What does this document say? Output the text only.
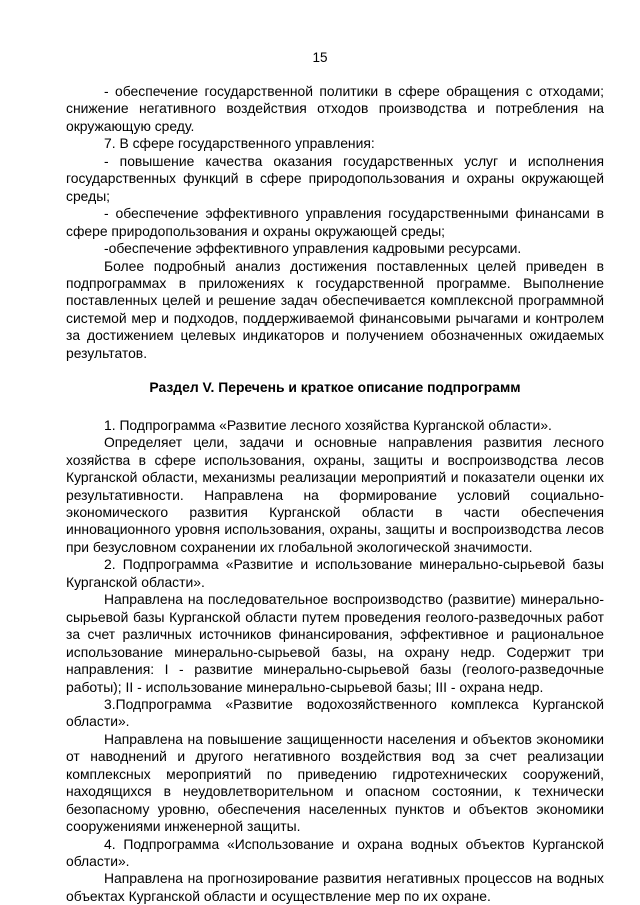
15

- обеспечение государственной политики в сфере обращения с отходами; снижение негативного воздействия отходов производства и потребления на окружающую среду.

7. В сфере государственного управления:

- повышение качества оказания государственных услуг и исполнения государственных функций в сфере природопользования и охраны окружающей среды;

- обеспечение эффективного управления государственными финансами в сфере природопользования и охраны окружающей среды;

-обеспечение эффективного управления кадровыми ресурсами.

Более подробный анализ достижения поставленных целей приведен в подпрограммах в приложениях к государственной программе. Выполнение поставленных целей и решение задач обеспечивается комплексной программной системой мер и подходов, поддерживаемой финансовыми рычагами и контролем за достижением целевых индикаторов и получением обозначенных ожидаемых результатов.

Раздел V. Перечень и краткое описание подпрограмм

1. Подпрограмма «Развитие лесного хозяйства Курганской области».

Определяет цели, задачи и основные направления развития лесного хозяйства в сфере использования, охраны, защиты и воспроизводства лесов Курганской области, механизмы реализации мероприятий и показатели оценки их результативности. Направлена на формирование условий социально-экономического развития Курганской области в части обеспечения инновационного уровня использования, охраны, защиты и воспроизводства лесов при безусловном сохранении их глобальной экологической значимости.

2. Подпрограмма «Развитие и использование минерально-сырьевой базы Курганской области».

Направлена на последовательное воспроизводство (развитие) минерально-сырьевой базы Курганской области путем проведения геолого-разведочных работ за счет различных источников финансирования, эффективное и рациональное использование минерально-сырьевой базы, на охрану недр. Содержит три направления: I - развитие минерально-сырьевой базы (геолого-разведочные работы); II - использование минерально-сырьевой базы; III - охрана недр.

3.Подпрограмма «Развитие водохозяйственного комплекса Курганской области».

Направлена на повышение защищенности населения и объектов экономики от наводнений и другого негативного воздействия вод за счет реализации комплексных мероприятий по приведению гидротехнических сооружений, находящихся в неудовлетворительном и опасном состоянии, к технически безопасному уровню, обеспечения населенных пунктов и объектов экономики сооружениями инженерной защиты.

4. Подпрограмма «Использование и охрана водных объектов Курганской области».

Направлена на прогнозирование развития негативных процессов на водных объектах Курганской области и осуществление мер по их охране.
